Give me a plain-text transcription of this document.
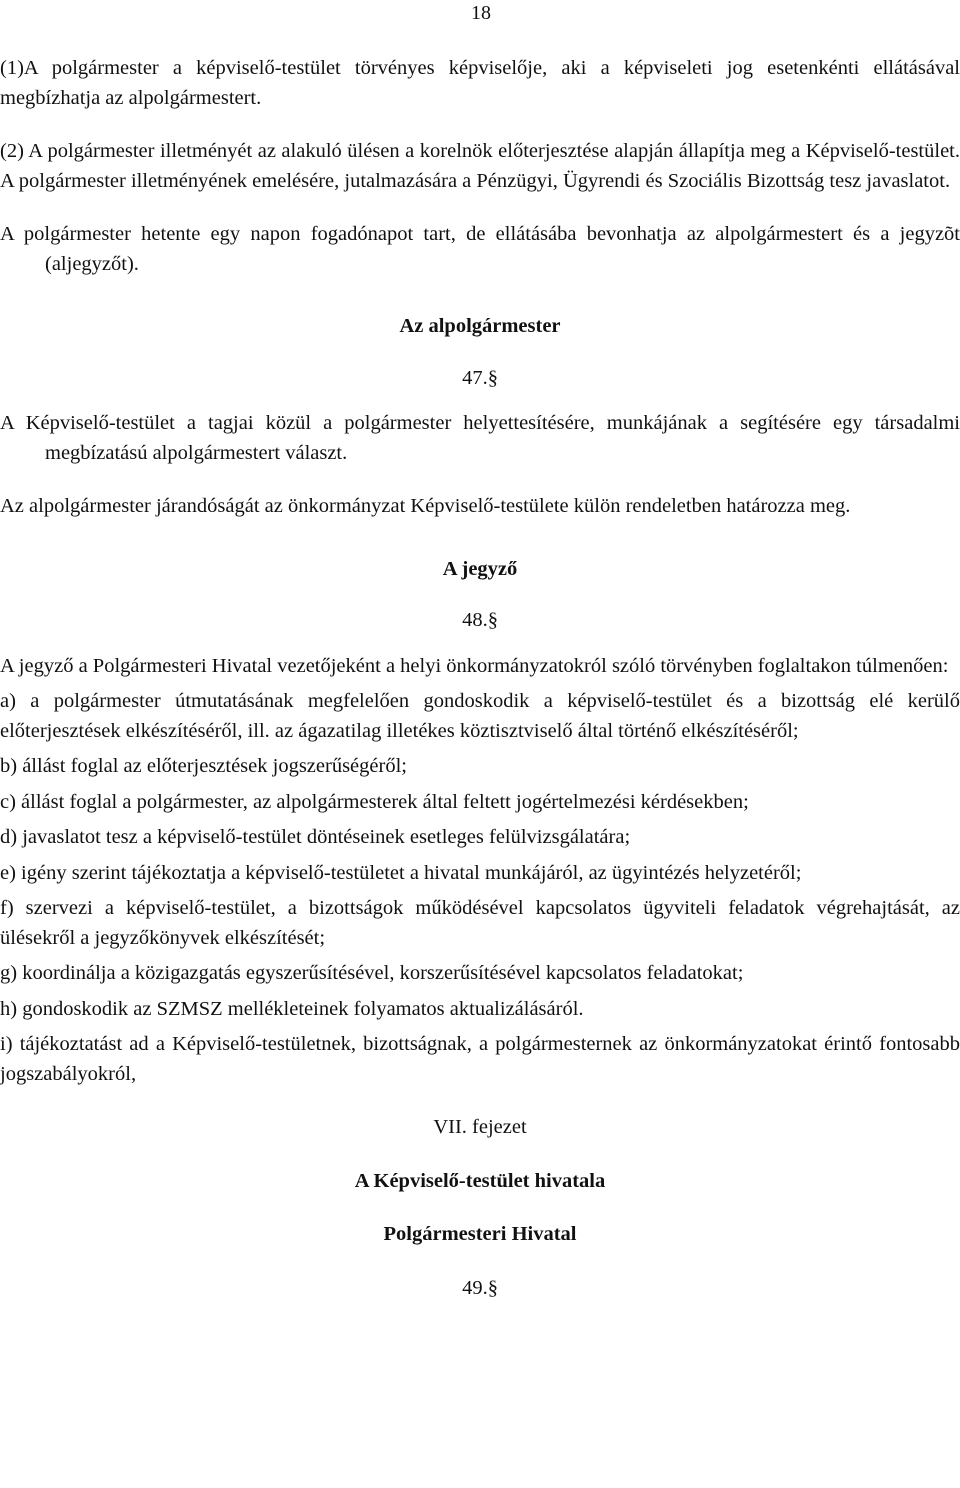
18

(1)A polgármester a képviselő-testület törvényes képviselője, aki a képviseleti jog esetenkénti ellátásával megbízhatja az alpolgármestert.

(2) A polgármester illetményét az alakuló ülésen a korelnök előterjesztése alapján állapítja meg a Képviselő-testület. A polgármester illetményének emelésére, jutalmazására a Pénzügyi, Ügyrendi és Szociális Bizottság tesz javaslatot.

A polgármester hetente egy napon fogadónapot tart, de ellátásába bevonhatja az alpolgármestert és a jegyzõt (aljegyzőt).

Az alpolgármester

47.§

A Képviselő-testület a tagjai közül a polgármester helyettesítésére, munkájának a segítésére egy társadalmi megbízatású alpolgármestert választ.

Az alpolgármester járandóságát az önkormányzat Képviselő-testülete külön rendeletben határozza meg.

A jegyző

48.§

A jegyző a Polgármesteri Hivatal vezetőjeként a helyi önkormányzatokról szóló törvényben foglaltakon túlmenően:

a) a polgármester útmutatásának megfelelően gondoskodik a képviselő-testület és a bizottság elé kerülő előterjesztések elkészítéséről, ill. az ágazatilag illetékes köztisztviselő által történő elkészítéséről;

b) állást foglal az előterjesztések jogszerűségéről;

c) állást foglal a polgármester, az alpolgármesterek által feltett jogértelmezési kérdésekben;

d) javaslatot tesz a képviselő-testület döntéseinek esetleges felülvizsgálatára;

e) igény szerint tájékoztatja a képviselő-testületet a hivatal munkájáról, az ügyintézés helyzetéről;

f) szervezi a képviselő-testület, a bizottságok működésével kapcsolatos ügyviteli feladatok végrehajtását, az ülésekről a jegyzőkönyvek elkészítését;

g) koordinálja a közigazgatás egyszerűsítésével, korszerűsítésével kapcsolatos feladatokat;

h) gondoskodik az SZMSZ mellékleteinek folyamatos aktualizálásáról.

i) tájékoztatást ad a Képviselő-testületnek, bizottságnak, a polgármesternek az önkormányzatokat érintő fontosabb jogszabályokról,

VII. fejezet

A Képviselő-testület hivatala

Polgármesteri Hivatal

49.§
